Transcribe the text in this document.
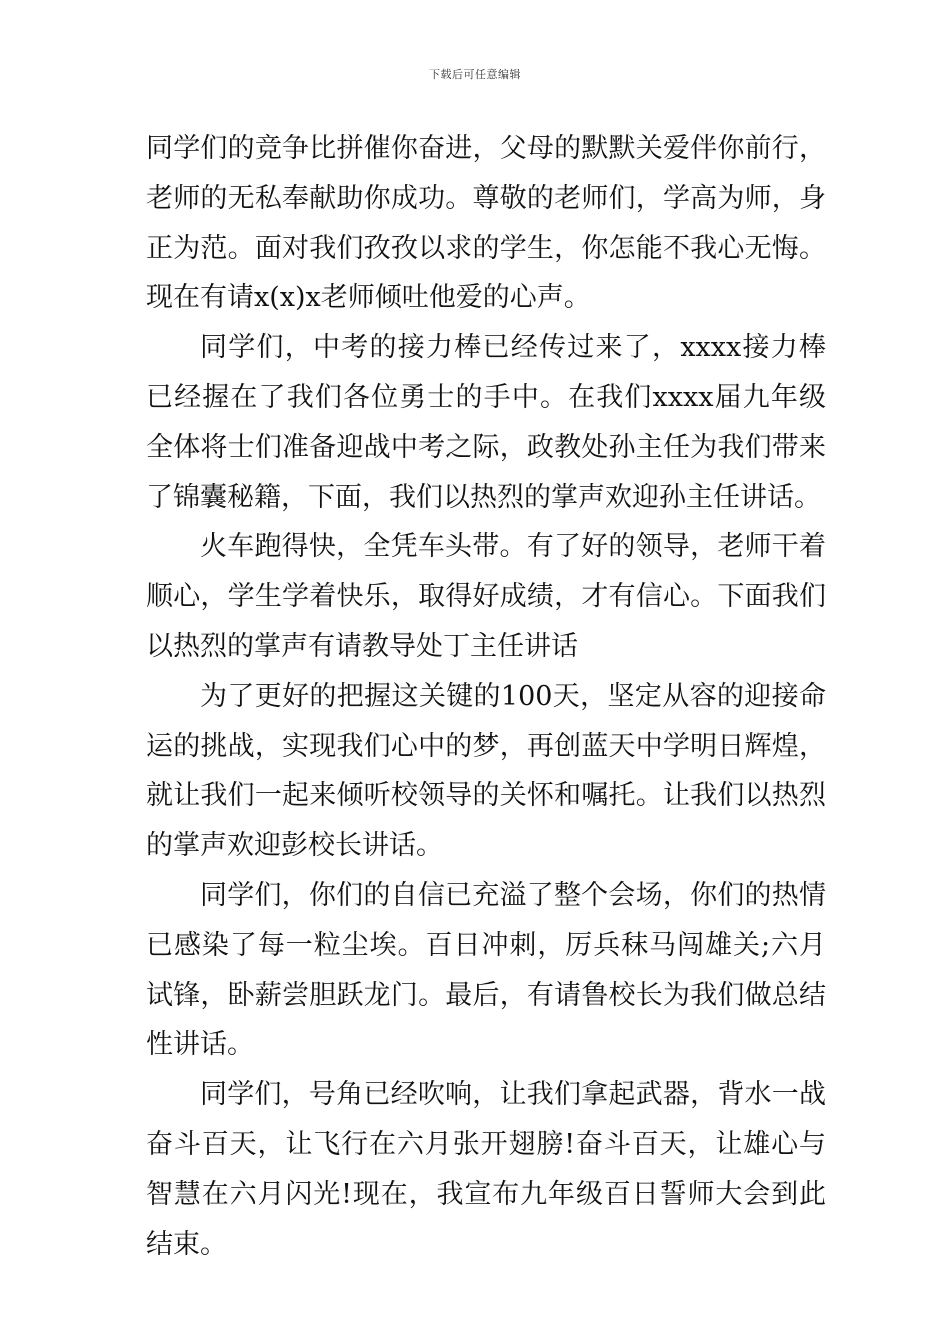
下载后可任意编辑

同学们的竞争比拼催你奋进，父母的默默关爱伴你前行，老师的无私奉献助你成功。尊敬的老师们，学高为师，身正为范。面对我们孜孜以求的学生，你怎能不我心无悔。现在有请x(x)x老师倾吐他爱的心声。

同学们，中考的接力棒已经传过来了，xxxx接力棒已经握在了我们各位勇士的手中。在我们xxxx届九年级全体将士们准备迎战中考之际，政教处孙主任为我们带来了锦囊秘籍，下面，我们以热烈的掌声欢迎孙主任讲话。

火车跑得快，全凭车头带。有了好的领导，老师干着顺心，学生学着快乐，取得好成绩，才有信心。下面我们以热烈的掌声有请教导处丁主任讲话

为了更好的把握这关键的100天，坚定从容的迎接命运的挑战，实现我们心中的梦，再创蓝天中学明日辉煌，就让我们一起来倾听校领导的关怀和嘱托。让我们以热烈的掌声欢迎彭校长讲话。

同学们，你们的自信已充溢了整个会场，你们的热情已感染了每一粒尘埃。百日冲刺，厉兵秣马闯雄关;六月试锋，卧薪尝胆跃龙门。最后，有请鲁校长为我们做总结性讲话。

同学们，号角已经吹响，让我们拿起武器，背水一战奋斗百天，让飞行在六月张开翅膀!奋斗百天，让雄心与智慧在六月闪光!现在，我宣布九年级百日誓师大会到此结束。
